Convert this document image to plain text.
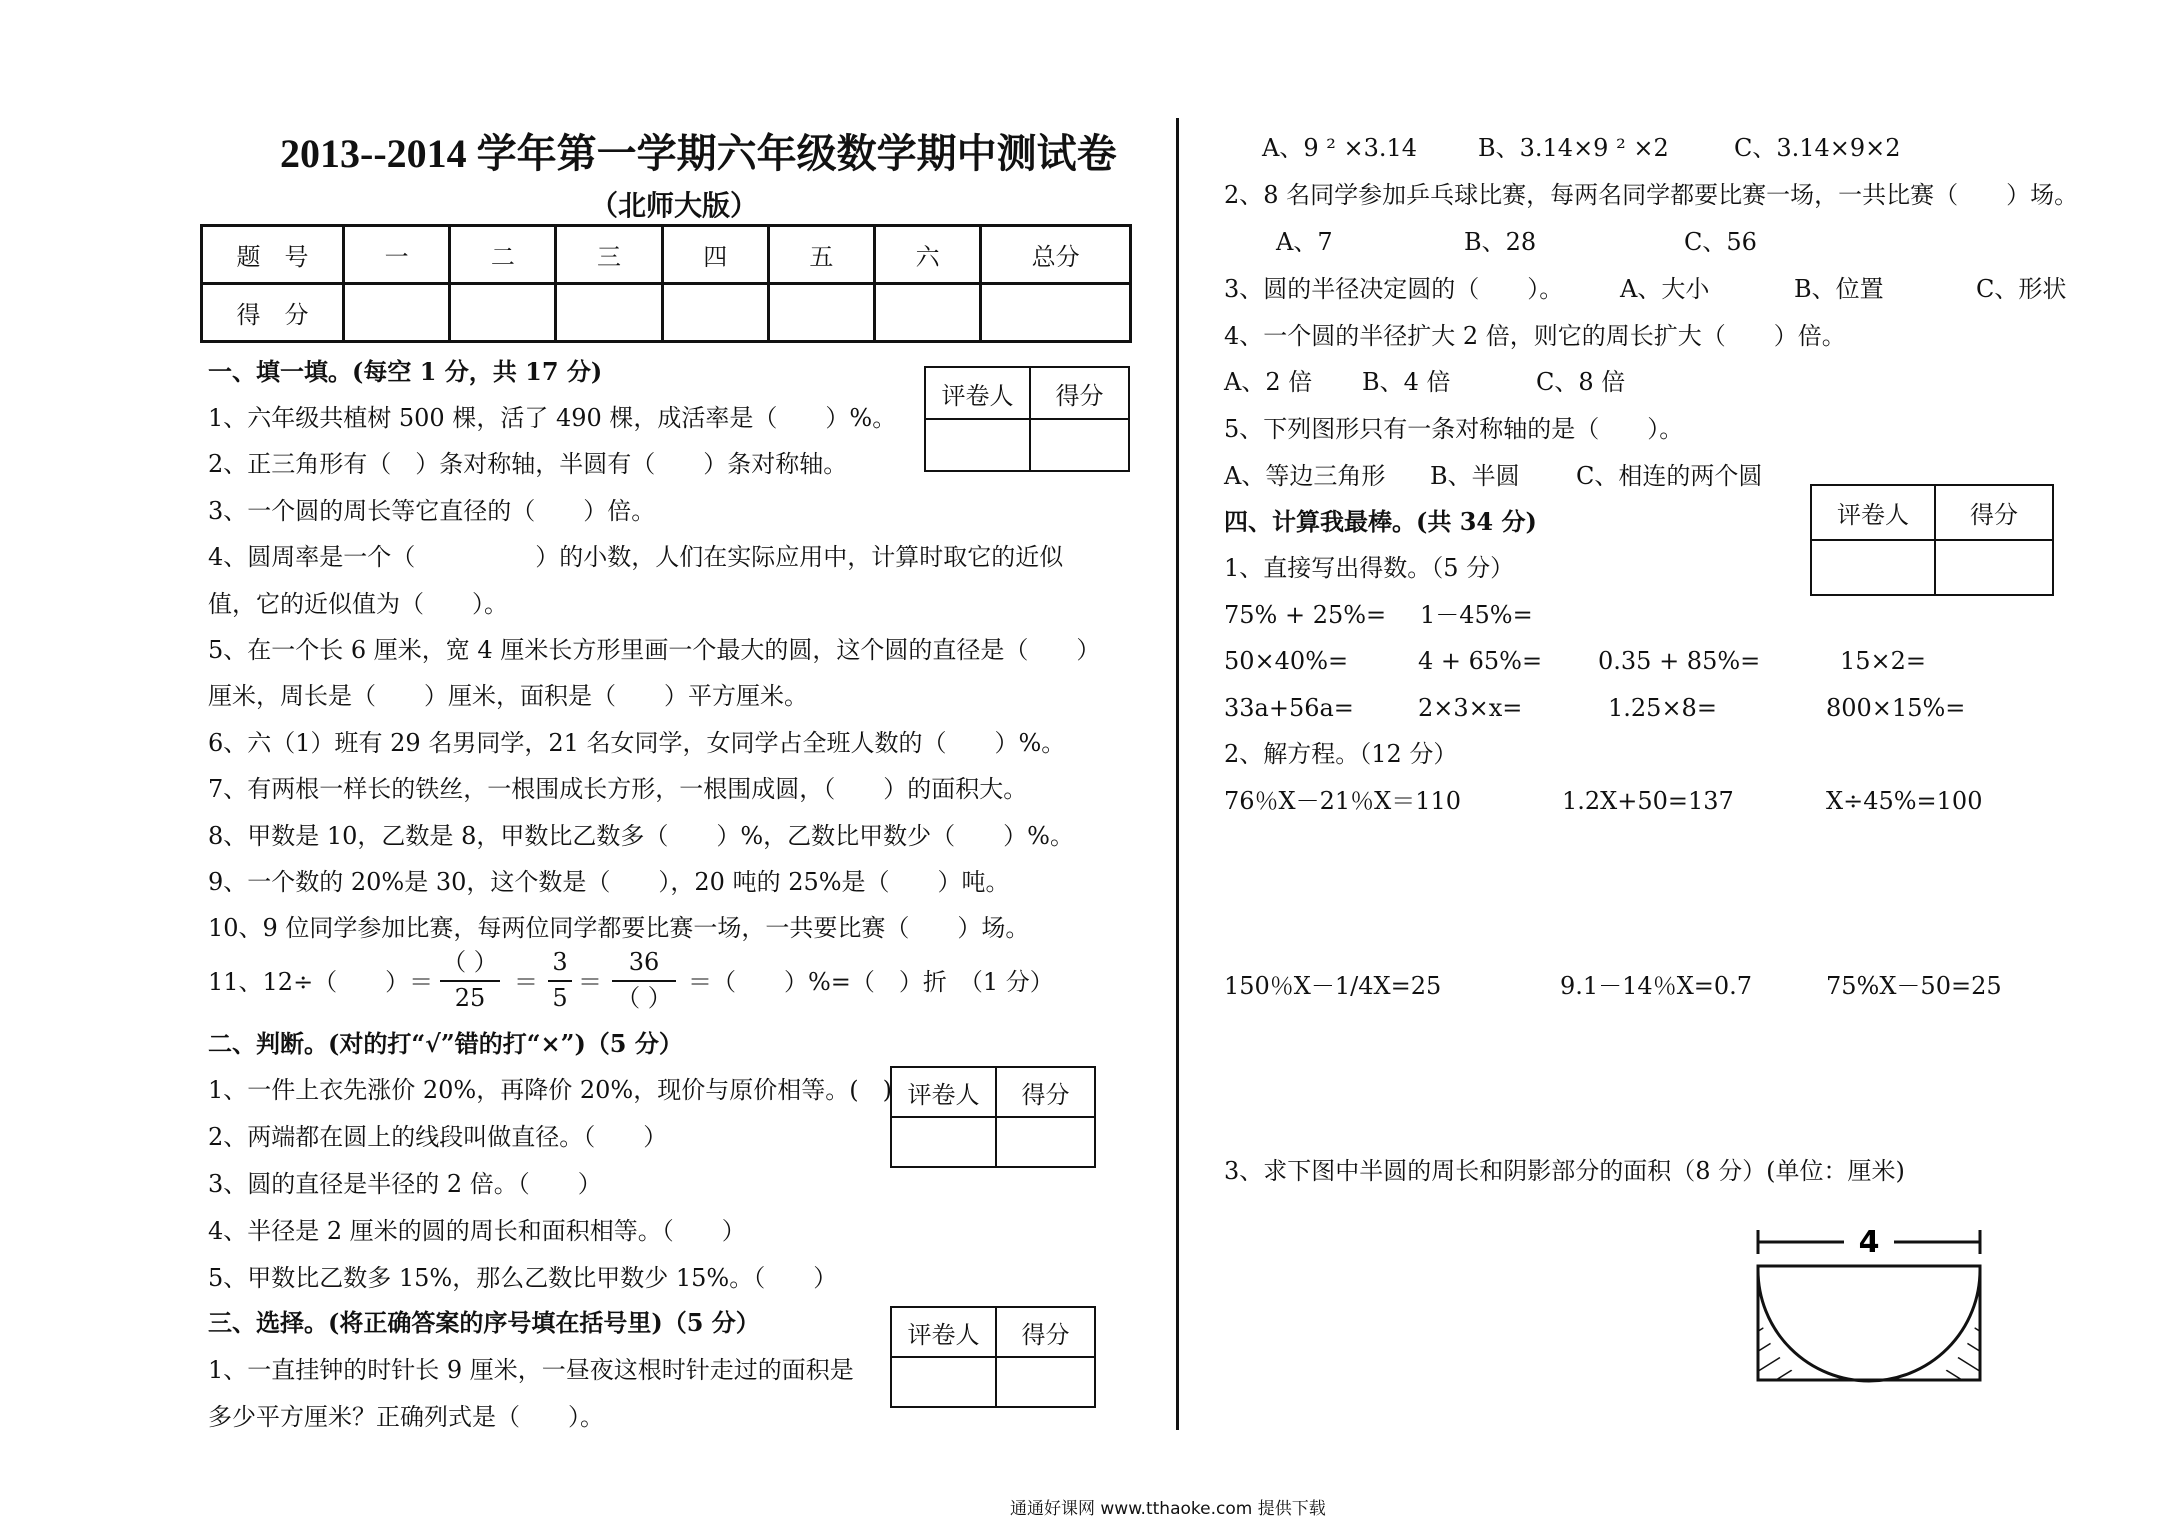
2013--2014 学年第一学期六年级数学期中测试卷
（北师大版）
题　号	一	二	三	四	五	六	总分
得　分							
一、填一填。(每空 1 分，共 17 分)
1、六年级共植树 500 棵，活了 490 棵，成活率是（　　）%。
2、正三角形有（　）条对称轴，半圆有（　　）条对称轴。
3、一个圆的周长等它直径的（　　）倍。
4、圆周率是一个（　　　　　）的小数，人们在实际应用中，计算时取它的近似
值，它的近似值为（　　）。
5、在一个长 6 厘米，宽 4 厘米长方形里画一个最大的圆，这个圆的直径是（　　）
厘米，周长是（　　）厘米，面积是（　　）平方厘米。
6、六（1）班有 29 名男同学，21 名女同学，女同学占全班人数的（　　）%。
7、有两根一样长的铁丝，一根围成长方形，一根围成圆，（　　）的面积大。
8、甲数是 10，乙数是 8，甲数比乙数多（　　）%，乙数比甲数少（　　）%。
9、一个数的 20%是 30，这个数是（　　），20 吨的 25%是（　　）吨。
10、9 位同学参加比赛，每两位同学都要比赛一场，一共要比赛（　　）场。
11、12÷（　　）＝
（ ）
25
＝
3
5
＝
36
（ ）
＝（　　）%=（　）折　（1 分）
评卷人	得分

二、判断。(对的打“√”错的打“×”)（5 分）
1、一件上衣先涨价 20%，再降价 20%，现价与原价相等。(　)
2、两端都在圆上的线段叫做直径。（　　）
3、圆的直径是半径的 2 倍。（　　）
4、半径是 2 厘米的圆的周长和面积相等。（　　）
5、甲数比乙数多 15%，那么乙数比甲数少 15%。（　　）
评卷人	得分

三、选择。(将正确答案的序号填在括号里)（5 分）
1、一直挂钟的时针长 9 厘米，一昼夜这根时针走过的面积是
多少平方厘米？正确列式是（　　）。
评卷人	得分

A、9 ² ×3.14	B、3.14×9 ² ×2	C、3.14×9×2
2、8 名同学参加乒乓球比赛，每两名同学都要比赛一场，一共比赛（　　）场。
A、7	B、28	C、56
3、圆的半径决定圆的（　　）。 A、大小	B、位置	C、形状
4、一个圆的半径扩大 2 倍，则它的周长扩大（　　）倍。
A、2 倍 B、4 倍	C、8 倍
5、下列图形只有一条对称轴的是（　　）。
A、等边三角形 B、半圆 C、相连的两个圆
四、计算我最棒。(共 34 分)	评卷人	得分

1、直接写出得数。（5 分）
75% + 25%= 1－45%=
50×40%=	4 + 65%= 0.35 + 85%=	15×2=
33a+56a=	2×3×x=	1.25×8=	800×15%=
2、解方程。（12 分）
76％X－21％X＝110	1.2X+50=137	X÷45%=100
150％X－1/4X=25	9.1－14％X=0.7	75%X－50=25
3、求下图中半圆的周长和阴影部分的面积（8 分）(单位：厘米)
4
通通好课网 www.tthaoke.com 提供下载
